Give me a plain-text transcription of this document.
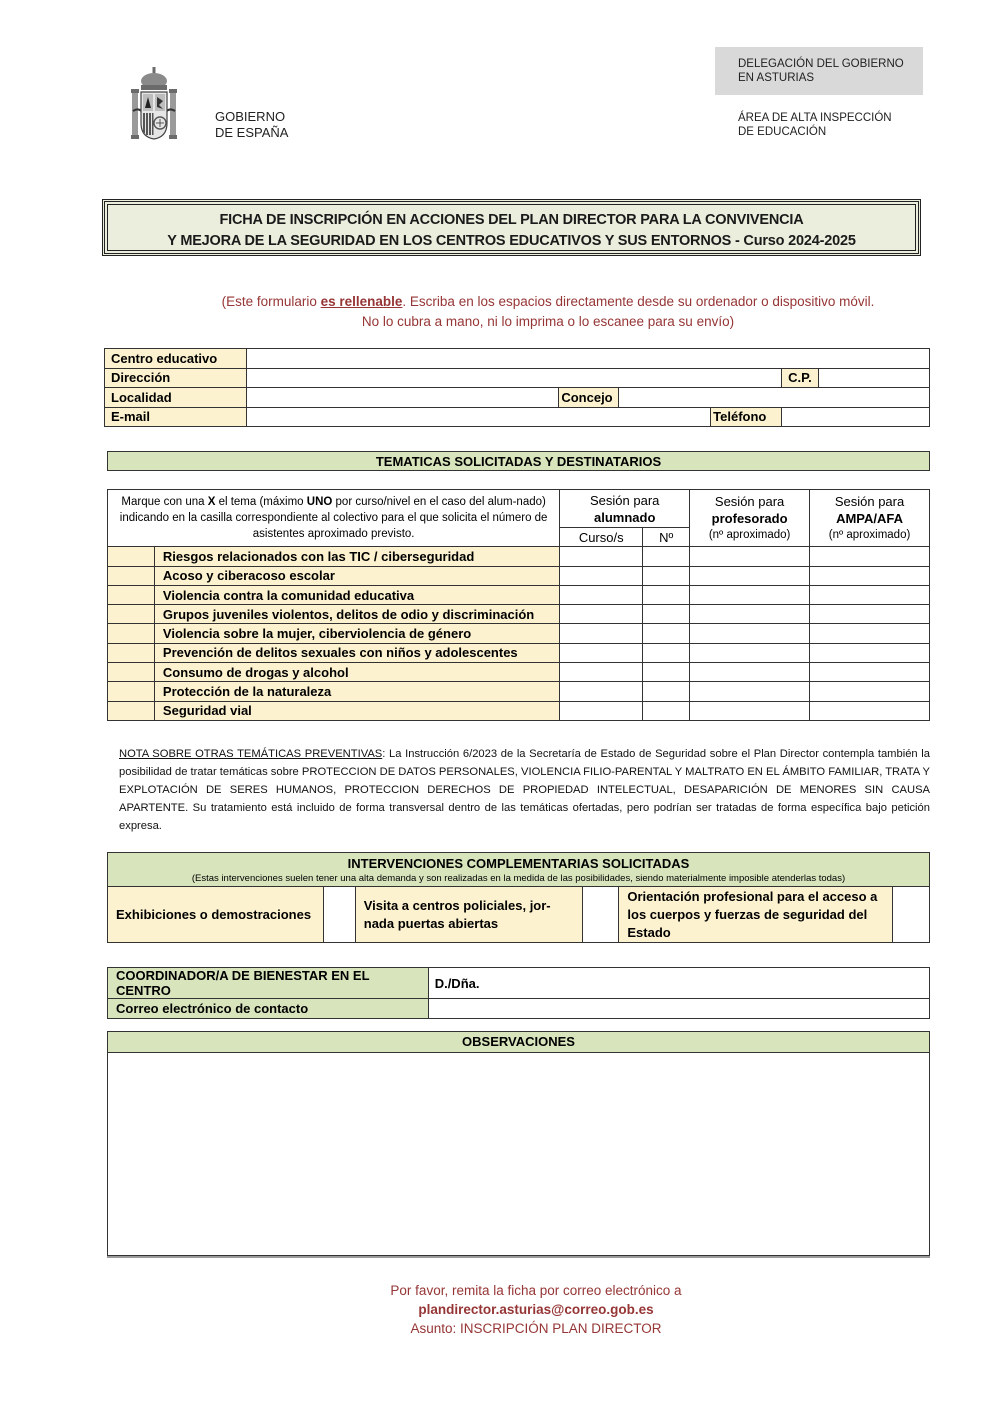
GOBIERNO
DE ESPAÑA
DELEGACIÓN DEL GOBIERNO
EN ASTURIAS
ÁREA DE ALTA INSPECCIÓN
DE EDUCACIÓN
FICHA DE INSCRIPCIÓN EN ACCIONES DEL PLAN DIRECTOR PARA LA CONVIVENCIA
Y MEJORA DE LA SEGURIDAD EN LOS CENTROS EDUCATIVOS Y SUS ENTORNOS - Curso 2024-2025
(Este formulario es rellenable. Escriba en los espacios directamente desde su ordenador o dispositivo móvil.
No lo cubra a mano, ni lo imprima o lo escanee para su envío)
Centro educativo						
Dirección					C.P.	
Localidad		Concejo				
E-mail				Teléfono		
TEMATICAS SOLICITADAS Y DESTINATARIOS
Marque con una X el tema (máximo UNO por curso/nivel en el caso del alum-nado) indicando en la casilla correspondiente al colectivo para el que solicita el número de asistentes aproximado previsto.	
Sesión para
alumnado

Sesión para
profesorado
(nº aproximado)

Sesión para
AMPA/AFA
(nº aproximado)

		Curso/s	Nº		
	Riesgos relacionados con las TIC / ciberseguridad				
	Acoso y ciberacoso escolar				
	Violencia contra la comunidad educativa				
	Grupos juveniles violentos, delitos de odio y discriminación				
	Violencia sobre la mujer, ciberviolencia de género				
	Prevención de delitos sexuales con niños y adolescentes				
	Consumo de drogas y alcohol				
	Protección de la naturaleza				
	Seguridad vial				
NOTA SOBRE OTRAS TEMÁTICAS PREVENTIVAS: La Instrucción 6/2023 de la Secretaría de Estado de Seguridad sobre el Plan Director contempla también la posibilidad de tratar temáticas sobre PROTECCION DE DATOS PERSONALES, VIOLENCIA FILIO-PARENTAL Y MALTRATO EN EL ÁMBITO FAMILIAR, TRATA Y EXPLOTACIÓN DE SERES HUMANOS, PROTECCION DERECHOS DE PROPIEDAD INTELECTUAL, DESAPARICIÓN DE MENORES SIN CAUSA APARTENTE. Su tratamiento está incluido de forma transversal dentro de las temáticas ofertadas, pero podrían ser tratadas de forma específica bajo petición expresa.
INTERVENCIONES COMPLEMENTARIAS SOLICITADAS
(Estas intervenciones suelen tener una alta demanda y son realizadas en la medida de las posibilidades, siendo materialmente imposible atenderlas todas)

Exhibiciones o demostraciones		Visita a centros policiales, jor-nada puertas abiertas		Orientación profesional para el acceso a los cuerpos y fuerzas de seguridad del Estado	
COORDINADOR/A DE BIENESTAR EN EL CENTRO	D./Dña.
Correo electrónico de contacto	
OBSERVACIONES
Por favor, remita la ficha por correo electrónico a
plandirector.asturias@correo.gob.es
Asunto: INSCRIPCIÓN PLAN DIRECTOR
